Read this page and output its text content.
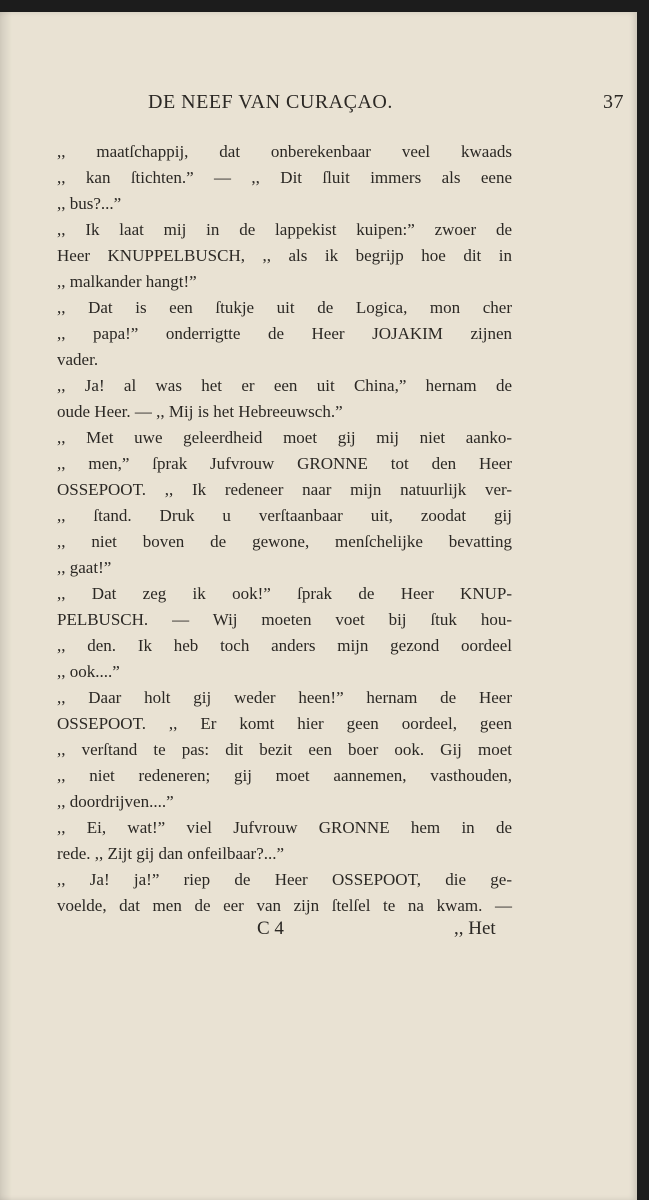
DE NEEF VAN CURAÇAO.	37
,, maatſchappij, dat onberekenbaar veel kwaads
,, kan ſtichten.” — ,, Dit ſluit immers als eene
,, bus?...”
,, Ik laat mij in de lappekist kuipen:” zwoer de
Heer KNUPPELBUSCH, ,, als ik begrijp hoe dit in
,, malkander hangt!”
,, Dat is een ſtukje uit de Logica, mon cher
,, papa!” onderrigtte de Heer JOJAKIM zijnen
vader.
,, Ja! al was het er een uit China,” hernam de
oude Heer. — ,, Mij is het Hebreeuwsch.”
,, Met uwe geleerdheid moet gij mij niet aanko-
,, men,” ſprak Jufvrouw GRONNE tot den Heer
OSSEPOOT. ,, Ik redeneer naar mijn natuurlijk ver-
,, ſtand. Druk u verſtaanbaar uit, zoodat gij
,, niet boven de gewone, menſchelijke bevatting
,, gaat!”
,, Dat zeg ik ook!” ſprak de Heer KNUP-
PELBUSCH. — Wij moeten voet bij ſtuk hou-
,, den. Ik heb toch anders mijn gezond oordeel
,, ook....”
,, Daar holt gij weder heen!” hernam de Heer
OSSEPOOT. ,, Er komt hier geen oordeel, geen
,, verſtand te pas: dit bezit een boer ook. Gij moet
,, niet redeneren; gij moet aannemen, vasthouden,
,, doordrijven....”
,, Ei, wat!” viel Jufvrouw GRONNE hem in de
rede. ,, Zijt gij dan onfeilbaar?...”
,, Ja! ja!” riep de Heer OSSEPOOT, die ge-
voelde, dat men de eer van zijn ſtelſel te na kwam. —
C 4	,, Het
